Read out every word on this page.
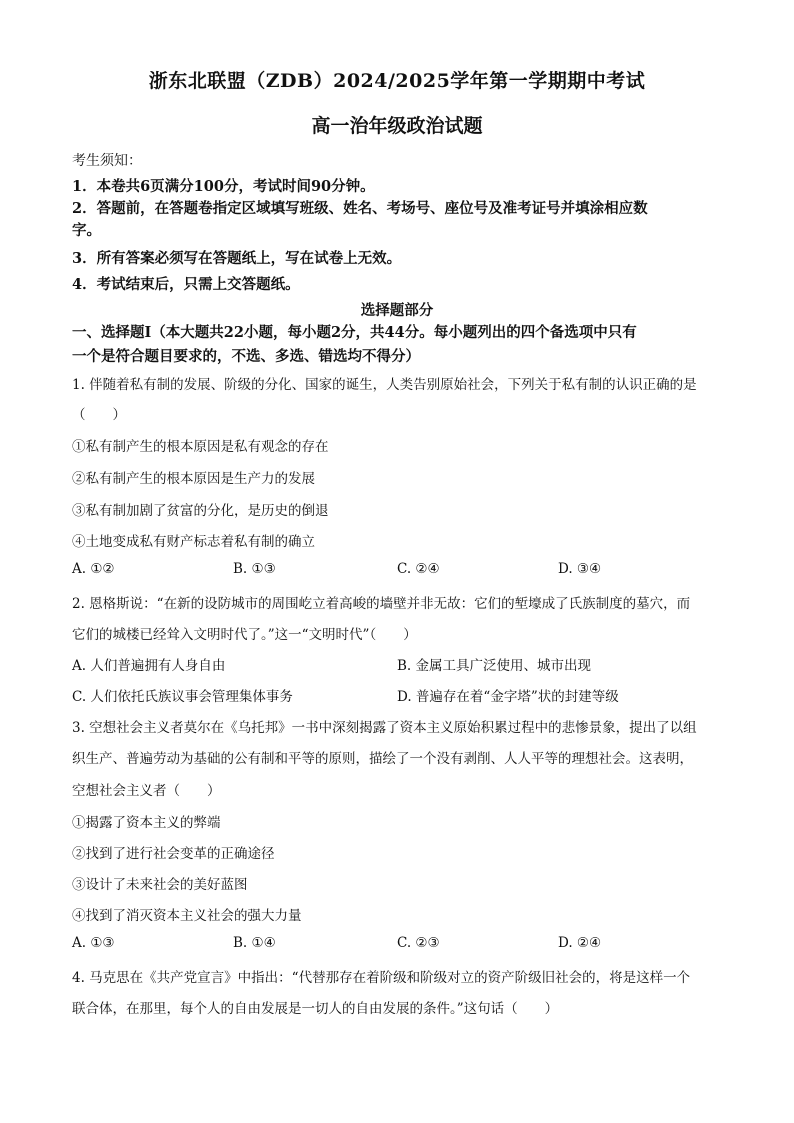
浙东北联盟（ZDB）2024/2025学年第一学期期中考试
高一治年级政治试题
考生须知：
1．本卷共6页满分100分，考试时间90分钟。
2．答题前，在答题卷指定区域填写班级、姓名、考场号、座位号及准考证号并填涂相应数
字。
3．所有答案必须写在答题纸上，写在试卷上无效。
4．考试结束后，只需上交答题纸。
选择题部分
一、选择题Ⅰ（本大题共22小题，每小题2分，共44分。每小题列出的四个备选项中只有
一个是符合题目要求的，不选、多选、错选均不得分）
1. 伴随着私有制的发展、阶级的分化、国家的诞生，人类告别原始社会，下列关于私有制的认识正确的是
（　　）
①私有制产生的根本原因是私有观念的存在
②私有制产生的根本原因是生产力的发展
③私有制加剧了贫富的分化，是历史的倒退
④土地变成私有财产标志着私有制的确立
A. ①②	B. ①③	C. ②④	D. ③④
2. 恩格斯说：“在新的设防城市的周围屹立着高峻的墙壁并非无故：它们的堑壕成了氏族制度的墓穴，而
它们的城楼已经耸入文明时代了。”这一“文明时代”（　　）
A. 人们普遍拥有人身自由	B. 金属工具广泛使用、城市出现
C. 人们依托氏族议事会管理集体事务	D. 普遍存在着“金字塔”状的封建等级
3. 空想社会主义者莫尔在《乌托邦》一书中深刻揭露了资本主义原始积累过程中的悲惨景象，提出了以组
织生产、普遍劳动为基础的公有制和平等的原则，描绘了一个没有剥削、人人平等的理想社会。这表明，
空想社会主义者（　　）
①揭露了资本主义的弊端
②找到了进行社会变革的正确途径
③设计了未来社会的美好蓝图
④找到了消灭资本主义社会的强大力量
A. ①③	B. ①④	C. ②③	D. ②④
4. 马克思在《共产党宣言》中指出：“代替那存在着阶级和阶级对立的资产阶级旧社会的，将是这样一个
联合体，在那里，每个人的自由发展是一切人的自由发展的条件。”这句话（　　）
